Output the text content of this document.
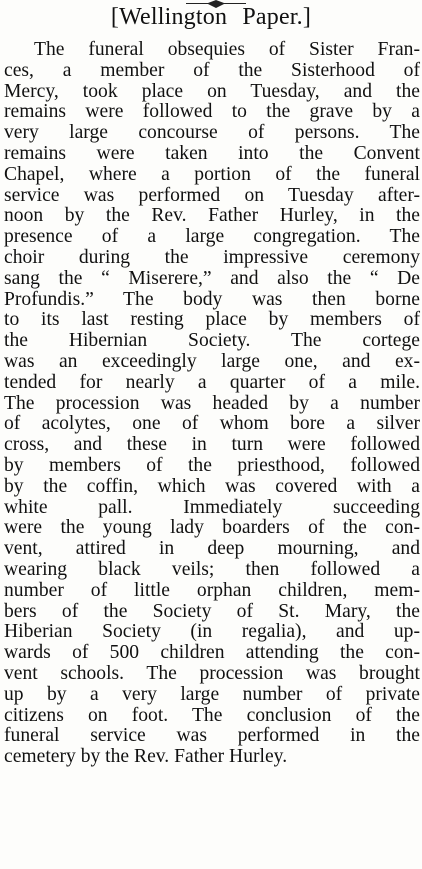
[Wellington Paper.]
The funeral obsequies of Sister Fran-
ces, a member of the Sisterhood of
Mercy, took place on Tuesday, and the
remains were followed to the grave by a
very large concourse of persons. The
remains were taken into the Convent
Chapel, where a portion of the funeral
service was performed on Tuesday after-
noon by the Rev. Father Hurley, in the
presence of a large congregation. The
choir during the impressive ceremony
sang the “ Miserere,” and also the “ De
Profundis.” The body was then borne
to its last resting place by members of
the Hibernian Society. The cortege
was an exceedingly large one, and ex-
tended for nearly a quarter of a mile.
The procession was headed by a number
of acolytes, one of whom bore a silver
cross, and these in turn were followed
by members of the priesthood, followed
by the coffin, which was covered with a
white pall. Immediately succeeding
were the young lady boarders of the con-
vent, attired in deep mourning, and
wearing black veils; then followed a
number of little orphan children, mem-
bers of the Society of St. Mary, the
Hiberian Society (in regalia), and up-
wards of 500 children attending the con-
vent schools. The procession was brought
up by a very large number of private
citizens on foot. The conclusion of the
funeral service was performed in the
cemetery by the Rev. Father Hurley.
